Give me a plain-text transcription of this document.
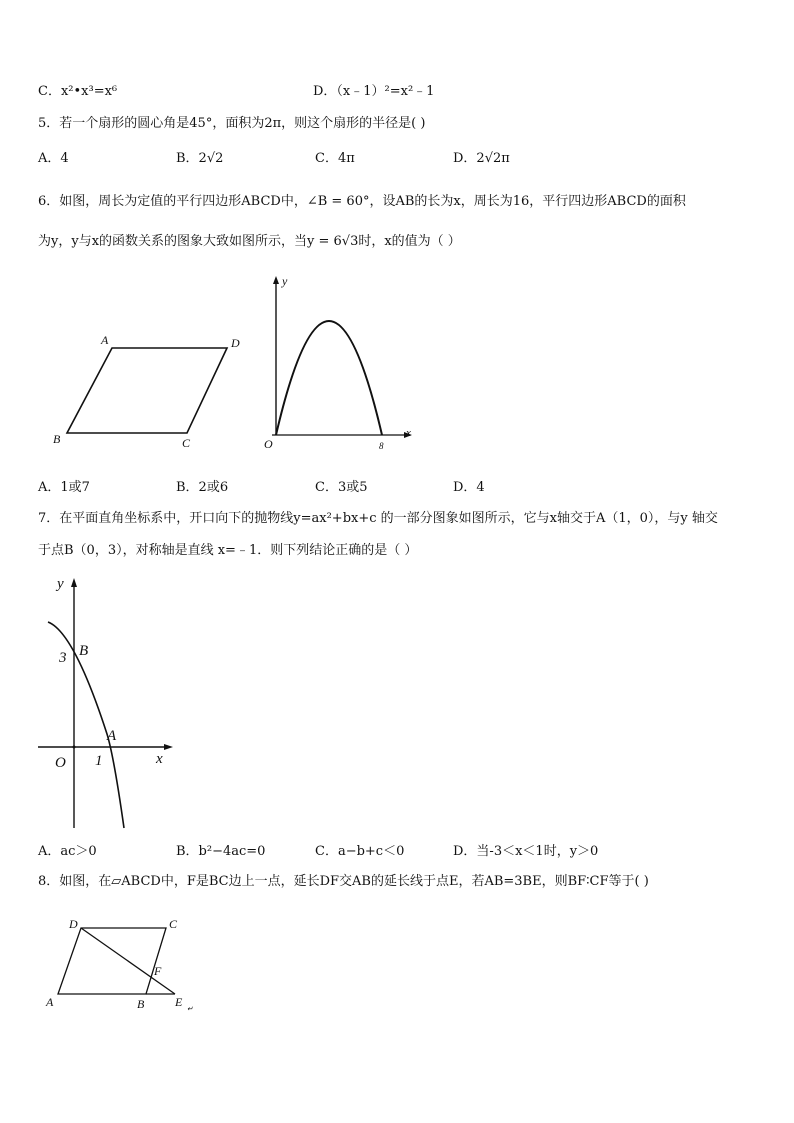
C．x²•x³=x⁶	D．（x﹣1）²=x²﹣1
5．若一个扇形的圆心角是45°，面积为2π，则这个扇形的半径是( )
A．4	B．2√2	C．4π	D．2√2π
6．如图，周长为定值的平行四边形ABCD中，∠B = 60°，设AB的长为x，周长为16，平行四边形ABCD的面积
为y，y与x的函数关系的图象大致如图所示，当y = 6√3时，x的值为（ ）
A	D
B	C
y
x
O	8
A．1或7	B．2或6	C．3或5	D．4
7．在平面直角坐标系中，开口向下的抛物线y=ax²+bx+c 的一部分图象如图所示，它与x轴交于A（1，0），与y 轴交
于点B（0，3），对称轴是直线 x=﹣1．则下列结论正确的是（ ）
y
x
O
3
1
B
A
A．ac＞0	B．b²−4ac=0	C．a−b+c＜0	D．当-3＜x＜1时，y＞0
8．如图，在▱ABCD中，F是BC边上一点，延长DF交AB的延长线于点E，若AB=3BE，则BF∶CF等于( )
D	C
F
A	B	E ↵
